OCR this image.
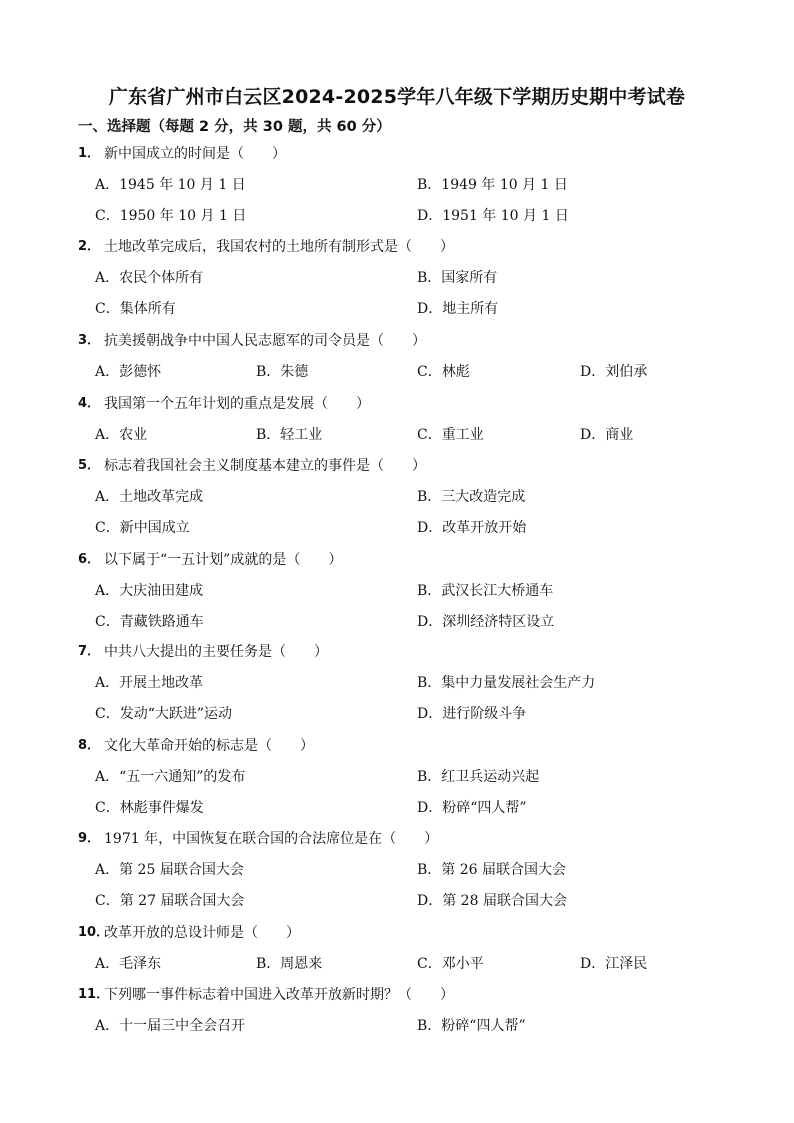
广东省广州市白云区2024-2025学年八年级下学期历史期中考试卷
一、选择题（每题 2 分，共 30 题，共 60 分）
1． 新中国成立的时间是（　　）
A．1945 年 10 月 1 日	B．1949 年 10 月 1 日
C．1950 年 10 月 1 日	D．1951 年 10 月 1 日
2． 土地改革完成后，我国农村的土地所有制形式是（　　）
A．农民个体所有	B．国家所有
C．集体所有	D．地主所有
3． 抗美援朝战争中中国人民志愿军的司令员是（　　）
A．彭德怀	B．朱德	C．林彪	D．刘伯承
4． 我国第一个五年计划的重点是发展（　　）
A．农业	B．轻工业	C．重工业	D．商业
5． 标志着我国社会主义制度基本建立的事件是（　　）
A．土地改革完成	B．三大改造完成
C．新中国成立	D．改革开放开始
6． 以下属于“一五计划”成就的是（　　）
A．大庆油田建成	B．武汉长江大桥通车
C．青藏铁路通车	D．深圳经济特区设立
7． 中共八大提出的主要任务是（　　）
A．开展土地改革	B．集中力量发展社会生产力
C．发动“大跃进”运动	D．进行阶级斗争
8． 文化大革命开始的标志是（　　）
A．“五一六通知”的发布	B．红卫兵运动兴起
C．林彪事件爆发	D．粉碎“四人帮”
9． 1971 年，中国恢复在联合国的合法席位是在（　　）
A．第 25 届联合国大会	B．第 26 届联合国大会
C．第 27 届联合国大会	D．第 28 届联合国大会
10．
改革开放的总设计师是（　　）
A．毛泽东	B．周恩来	C．邓小平	D．江泽民
11．
下列哪一事件标志着中国进入改革开放新时期？（　　）
A．十一届三中全会召开	B．粉碎“四人帮”
